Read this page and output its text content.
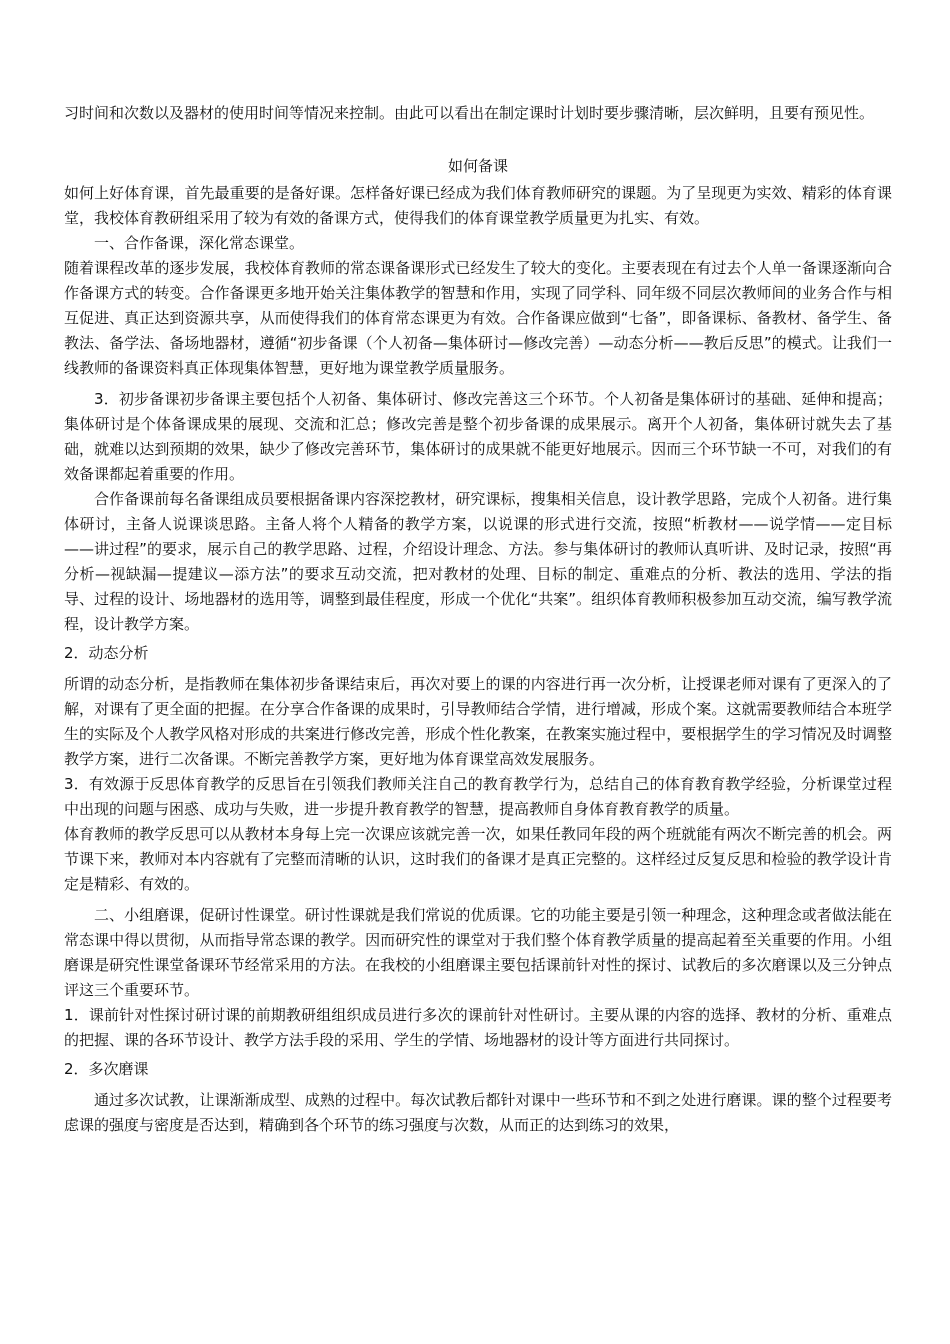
习时间和次数以及器材的使用时间等情况来控制。由此可以看出在制定课时计划时要步骤清晰，层次鲜明，且要有预见性。

如何备课

如何上好体育课，首先最重要的是备好课。怎样备好课已经成为我们体育教师研究的课题。为了呈现更为实效、精彩的体育课堂，我校体育教研组采用了较为有效的备课方式，使得我们的体育课堂教学质量更为扎实、有效。

一、合作备课，深化常态课堂。

随着课程改革的逐步发展，我校体育教师的常态课备课形式已经发生了较大的变化。主要表现在有过去个人单一备课逐渐向合作备课方式的转变。合作备课更多地开始关注集体教学的智慧和作用，实现了同学科、同年级不同层次教师间的业务合作与相互促进、真正达到资源共享，从而使得我们的体育常态课更为有效。合作备课应做到“七备”，即备课标、备教材、备学生、备教法、备学法、备场地器材，遵循“初步备课（个人初备—集体研讨—修改完善）—动态分析——教后反思”的模式。让我们一线教师的备课资料真正体现集体智慧，更好地为课堂教学质量服务。

3．初步备课初步备课主要包括个人初备、集体研讨、修改完善这三个环节。个人初备是集体研讨的基础、延伸和提高；集体研讨是个体备课成果的展现、交流和汇总；修改完善是整个初步备课的成果展示。离开个人初备，集体研讨就失去了基础，就难以达到预期的效果，缺少了修改完善环节，集体研讨的成果就不能更好地展示。因而三个环节缺一不可，对我们的有效备课都起着重要的作用。

合作备课前每名备课组成员要根据备课内容深挖教材，研究课标，搜集相关信息，设计教学思路，完成个人初备。进行集体研讨，主备人说课谈思路。主备人将个人精备的教学方案，以说课的形式进行交流，按照“析教材——说学情——定目标——讲过程”的要求，展示自己的教学思路、过程，介绍设计理念、方法。参与集体研讨的教师认真听讲、及时记录，按照“再分析—视缺漏—提建议—添方法”的要求互动交流，把对教材的处理、目标的制定、重难点的分析、教法的选用、学法的指导、过程的设计、场地器材的选用等，调整到最佳程度，形成一个优化“共案”。组织体育教师积极参加互动交流，编写教学流程，设计教学方案。

2．动态分析

所谓的动态分析，是指教师在集体初步备课结束后，再次对要上的课的内容进行再一次分析，让授课老师对课有了更深入的了解，对课有了更全面的把握。在分享合作备课的成果时，引导教师结合学情，进行增减，形成个案。这就需要教师结合本班学生的实际及个人教学风格对形成的共案进行修改完善，形成个性化教案，在教案实施过程中，要根据学生的学习情况及时调整教学方案，进行二次备课。不断完善教学方案，更好地为体育课堂高效发展服务。

3．有效源于反思体育教学的反思旨在引领我们教师关注自己的教育教学行为，总结自己的体育教育教学经验，分析课堂过程中出现的问题与困惑、成功与失败，进一步提升教育教学的智慧，提高教师自身体育教育教学的质量。

体育教师的教学反思可以从教材本身每上完一次课应该就完善一次，如果任教同年段的两个班就能有两次不断完善的机会。两节课下来，教师对本内容就有了完整而清晰的认识，这时我们的备课才是真正完整的。这样经过反复反思和检验的教学设计肯定是精彩、有效的。

二、小组磨课，促研讨性课堂。研讨性课就是我们常说的优质课。它的功能主要是引领一种理念，这种理念或者做法能在常态课中得以贯彻，从而指导常态课的教学。因而研究性的课堂对于我们整个体育教学质量的提高起着至关重要的作用。小组磨课是研究性课堂备课环节经常采用的方法。在我校的小组磨课主要包括课前针对性的探讨、试教后的多次磨课以及三分钟点评这三个重要环节。

1．课前针对性探讨研讨课的前期教研组组织成员进行多次的课前针对性研讨。主要从课的内容的选择、教材的分析、重难点的把握、课的各环节设计、教学方法手段的采用、学生的学情、场地器材的设计等方面进行共同探讨。

2．多次磨课

通过多次试教，让课渐渐成型、成熟的过程中。每次试教后都针对课中一些环节和不到之处进行磨课。课的整个过程要考虑课的强度与密度是否达到，精确到各个环节的练习强度与次数，从而正的达到练习的效果，
